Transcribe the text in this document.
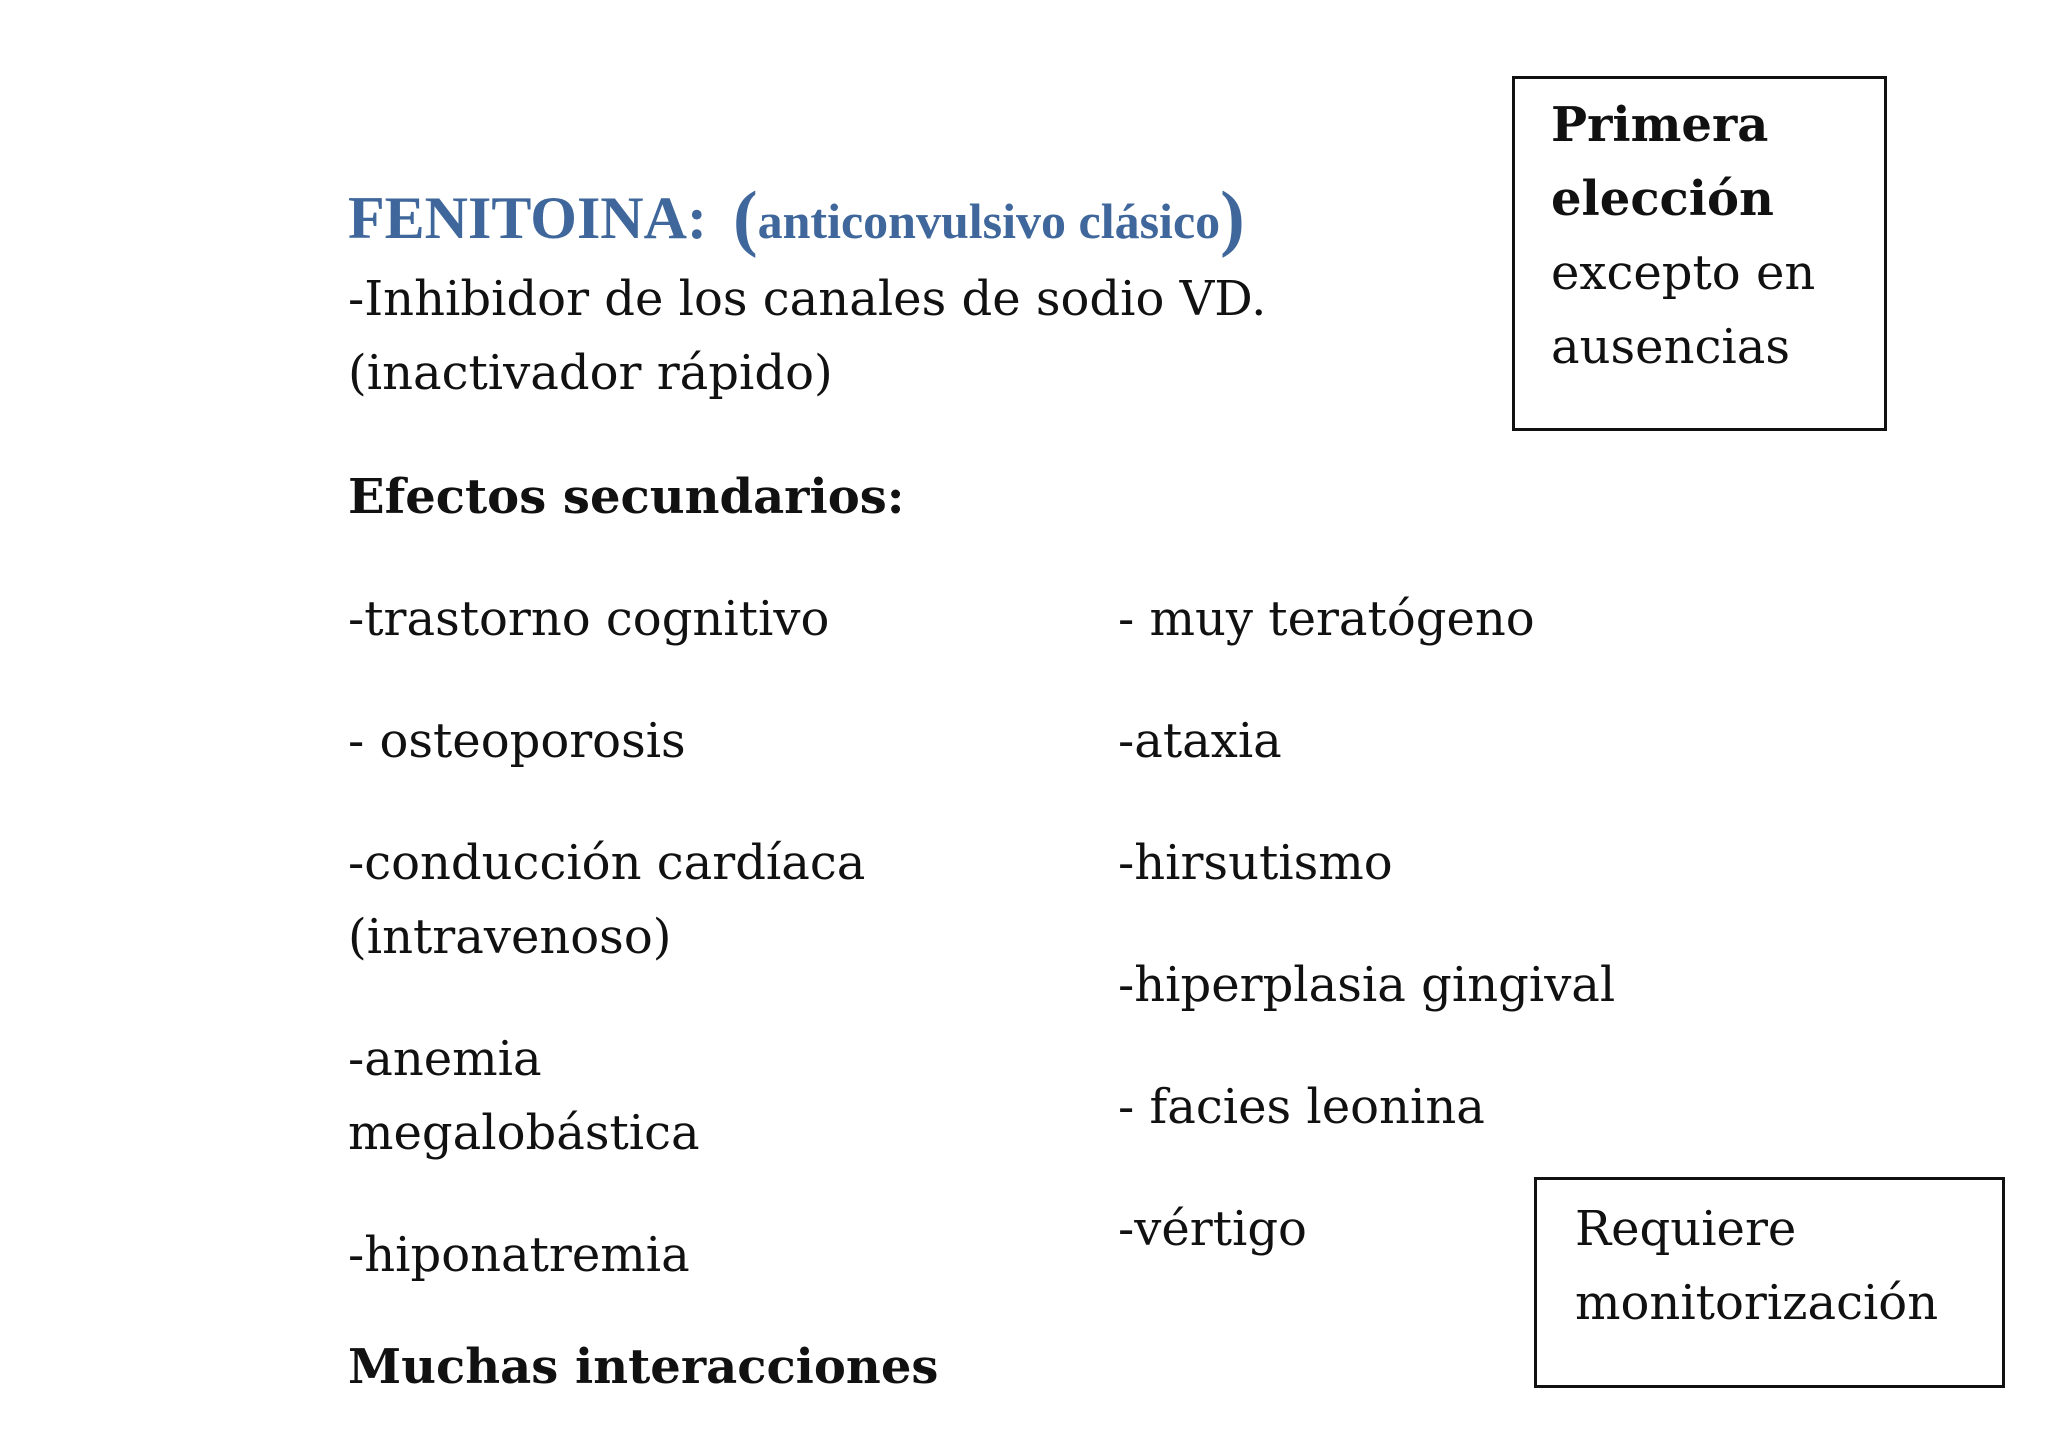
FENITOINA: (anticonvulsivo clásico)
-Inhibidor de los canales de sodio VD.
(inactivador rápido)
Primera
elección
excepto en
ausencias
Efectos secundarios:
-trastorno cognitivo
- osteoporosis
-conducción cardíaca
(intravenoso)
-anemia
megalobástica
-hiponatremia
- muy teratógeno
-ataxia
-hirsutismo
-hiperplasia gingival
- facies leonina
-vértigo
Muchas interacciones
Requiere
monitorización
